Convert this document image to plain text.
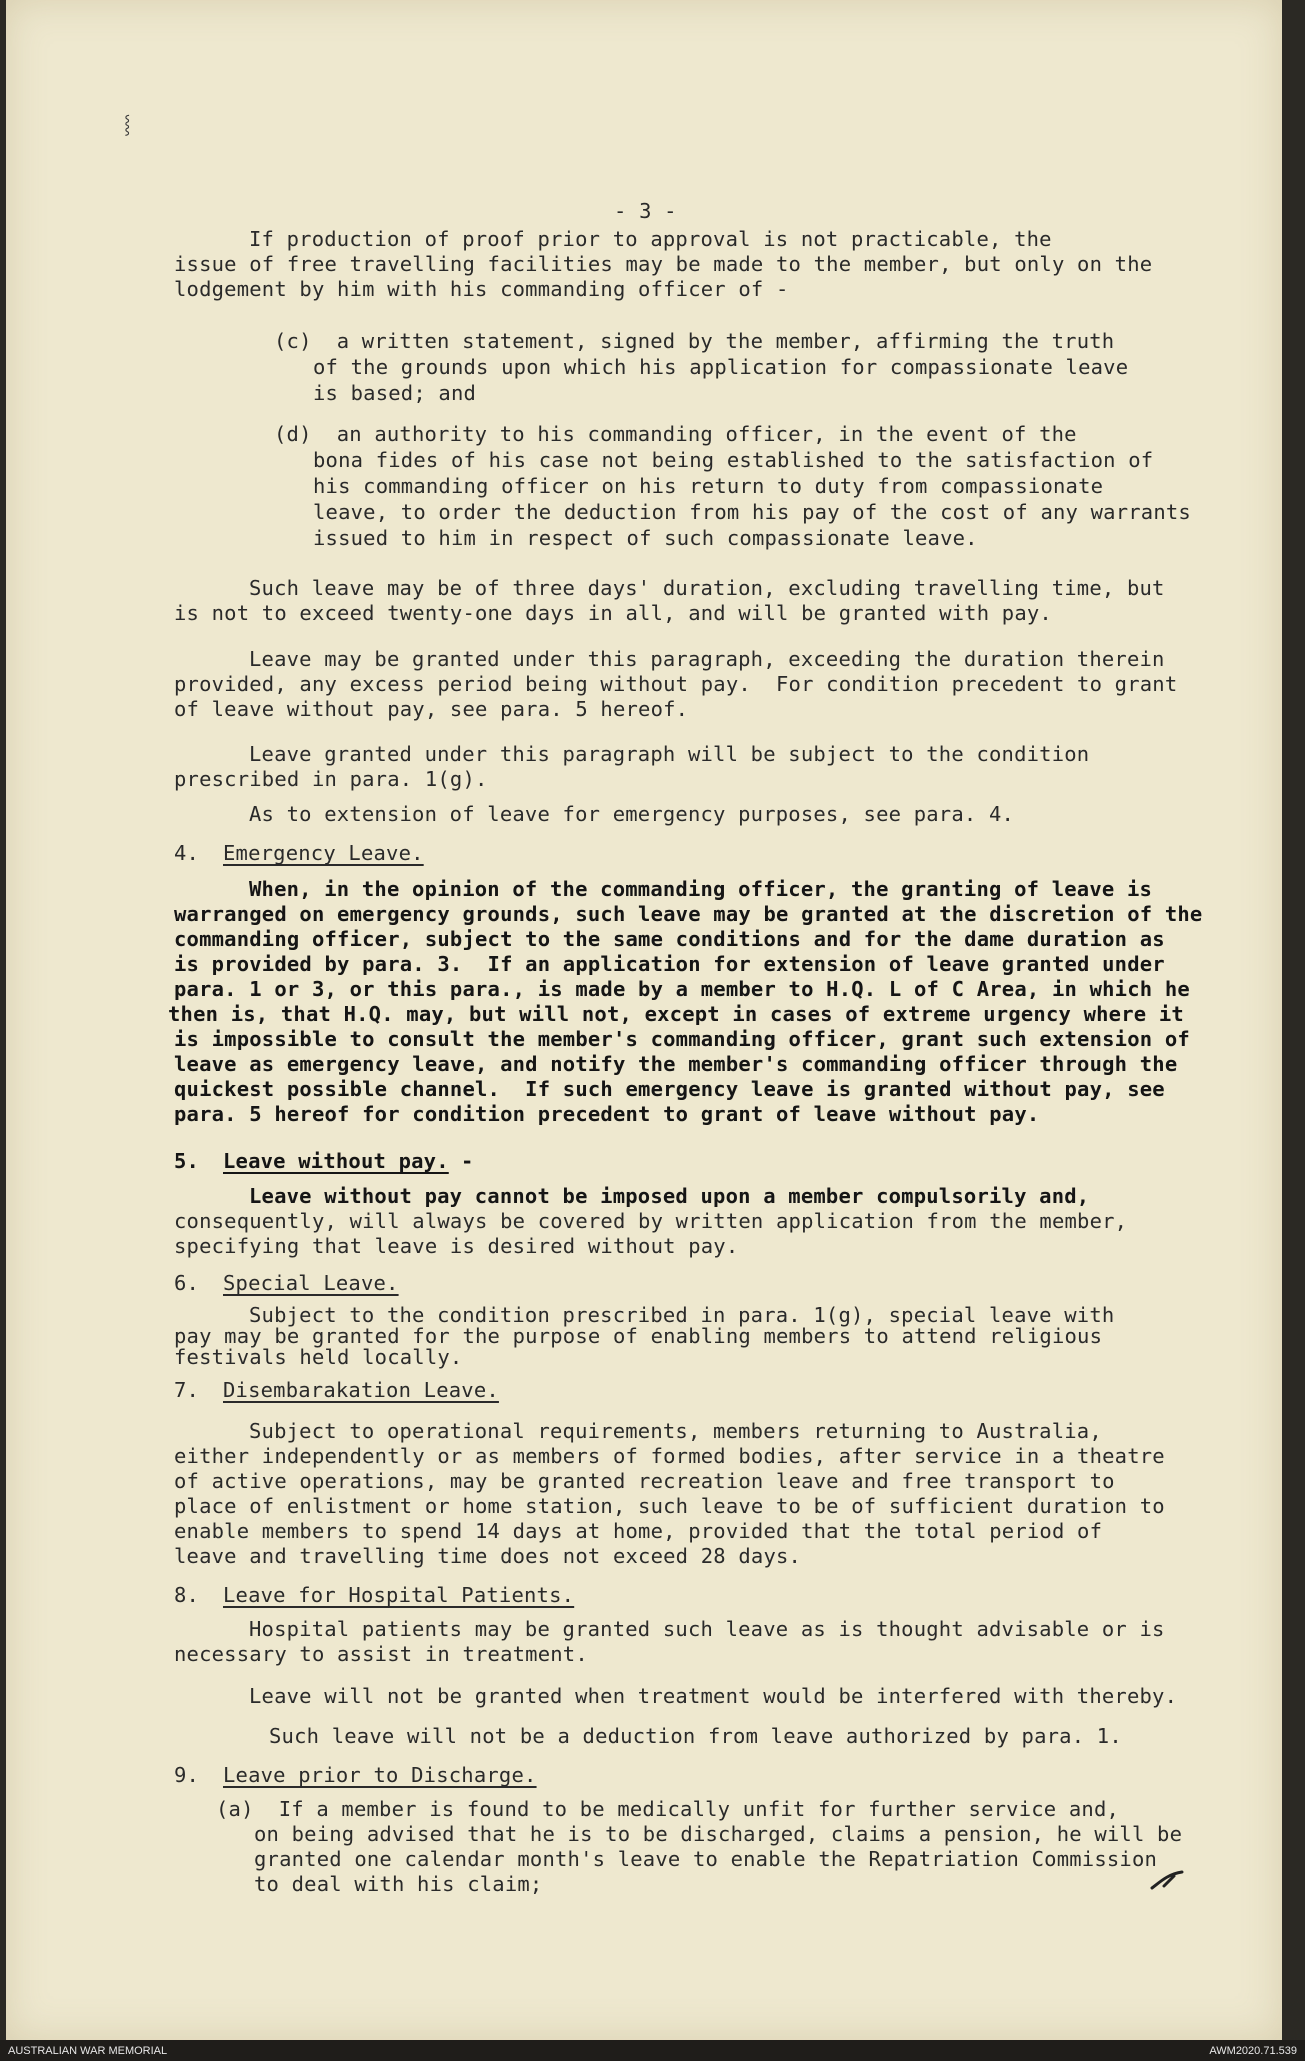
- 3 -
If production of proof prior to approval is not practicable, the
issue of free travelling facilities may be made to the member, but only on the
lodgement by him with his commanding officer of -
(c)  a written statement, signed by the member, affirming the truth
of the grounds upon which his application for compassionate leave
is based; and
(d)  an authority to his commanding officer, in the event of the
bona fides of his case not being established to the satisfaction of
his commanding officer on his return to duty from compassionate
leave, to order the deduction from his pay of the cost of any warrants
issued to him in respect of such compassionate leave.
Such leave may be of three days' duration, excluding travelling time, but
is not to exceed twenty-one days in all, and will be granted with pay.
Leave may be granted under this paragraph, exceeding the duration therein
provided, any excess period being without pay.  For condition precedent to grant
of leave without pay, see para. 5 hereof.
Leave granted under this paragraph will be subject to the condition
prescribed in para. 1(g).
As to extension of leave for emergency purposes, see para. 4.
4. Emergency Leave.
When, in the opinion of the commanding officer, the granting of leave is
warranged on emergency grounds, such leave may be granted at the discretion of the
commanding officer, subject to the same conditions and for the dame duration as
is provided by para. 3.  If an application for extension of leave granted under
para. 1 or 3, or this para., is made by a member to H.Q. L of C Area, in which he
then is, that H.Q. may, but will not, except in cases of extreme urgency where it
is impossible to consult the member's commanding officer, grant such extension of
leave as emergency leave, and notify the member's commanding officer through the
quickest possible channel.  If such emergency leave is granted without pay, see
para. 5 hereof for condition precedent to grant of leave without pay.
5. Leave without pay. -
Leave without pay cannot be imposed upon a member compulsorily and,
consequently, will always be covered by written application from the member,
specifying that leave is desired without pay.
6. Special Leave.
Subject to the condition prescribed in para. 1(g), special leave with
pay may be granted for the purpose of enabling members to attend religious
festivals held locally.
7. Disembarakation Leave.
Subject to operational requirements, members returning to Australia,
either independently or as members of formed bodies, after service in a theatre
of active operations, may be granted recreation leave and free transport to
place of enlistment or home station, such leave to be of sufficient duration to
enable members to spend 14 days at home, provided that the total period of
leave and travelling time does not exceed 28 days.
8. Leave for Hospital Patients.
Hospital patients may be granted such leave as is thought advisable or is
necessary to assist in treatment.
Leave will not be granted when treatment would be interfered with thereby.
Such leave will not be a deduction from leave authorized by para. 1.
9. Leave prior to Discharge.
(a)  If a member is found to be medically unfit for further service and,
on being advised that he is to be discharged, claims a pension, he will be
granted one calendar month's leave to enable the Repatriation Commission
to deal with his claim;
⸾
AUSTRALIAN WAR MEMORIAL	AWM2020.71.539
